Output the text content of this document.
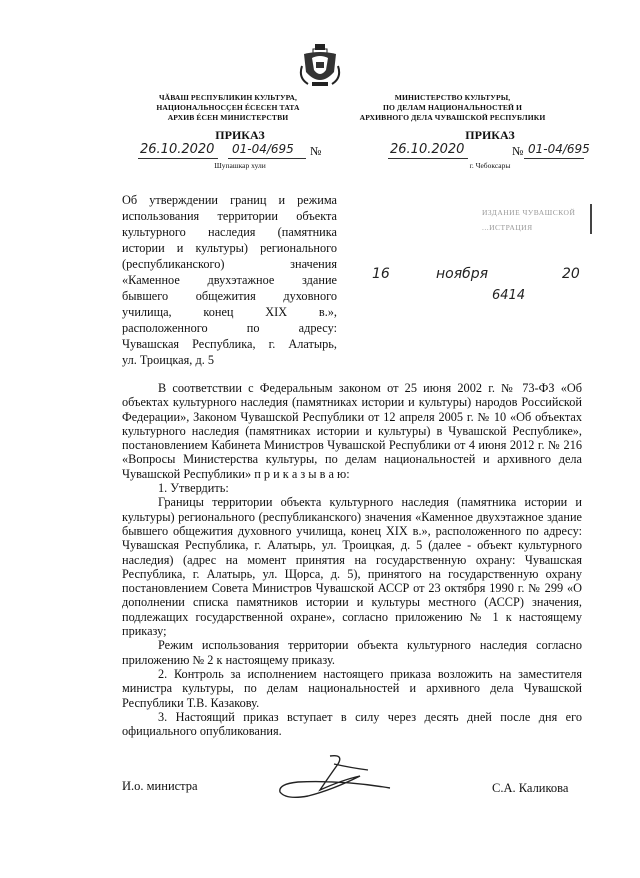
ЧĂВАШ РЕСПУБЛИКИН КУЛЬТУРА,
НАЦИОНАЛЬНОСÇЕН ÉСЕСЕН ТАТА
АРХИВ ÉСЕН МИНИСТЕРСТВИ
МИНИСТЕРСТВО КУЛЬТУРЫ,
ПО ДЕЛАМ НАЦИОНАЛЬНОСТЕЙ И
АРХИВНОГО ДЕЛА ЧУВАШСКОЙ РЕСПУБЛИКИ
ПРИКАЗ
26.10.2020 01-04/695 №
Шупашкар хули
ПРИКАЗ
26.10.2020	№ 01-04/695
г. Чебоксары
ИЗДАНИЕ ЧУВАШСКОЙ
...ИСТРАЦИЯ
16	ноября	20
6414
Об утверждении границ и режима
использования территории объекта
культурного наследия (памятника
истории и культуры) регионального
(республиканского) значения
«Каменное двухэтажное здание
бывшего общежития духовного
училища, конец XIX в.»,
расположенного по адресу:
Чувашская Республика, г. Алатырь,
ул. Троицкая, д. 5

В соответствии с Федеральным законом от 25 июня 2002 г. № 73-ФЗ «Об объектах культурного наследия (памятниках истории и культуры) народов Российской Федерации», Законом Чувашской Республики от 12 апреля 2005 г. № 10 «Об объектах культурного наследия (памятниках истории и культуры) в Чувашской Республике», постановлением Кабинета Министров Чувашской Республики от 4 июня 2012 г. № 216 «Вопросы Министерства культуры, по делам национальностей и архивного дела Чувашской Республики» п р и к а з ы в а ю:

1. Утвердить:

Границы территории объекта культурного наследия (памятника истории и культуры) регионального (республиканского) значения «Каменное двухэтажное здание бывшего общежития духовного училища, конец XIX в.», расположенного по адресу: Чувашская Республика, г. Алатырь, ул. Троицкая, д. 5 (далее - объект культурного наследия) (адрес на момент принятия на государственную охрану: Чувашская Республика, г. Алатырь, ул. Щорса, д. 5), принятого на государственную охрану постановлением Совета Министров Чувашской АССР от 23 октября 1990 г. № 299 «О дополнении списка памятников истории и культуры местного (АССР) значения, подлежащих государственной охране», согласно приложению № 1 к настоящему приказу;

Режим использования территории объекта культурного наследия согласно приложению № 2 к настоящему приказу.

2. Контроль за исполнением настоящего приказа возложить на заместителя министра культуры, по делам национальностей и архивного дела Чувашской Республики Т.В. Казакову.

3. Настоящий приказ вступает в силу через десять дней после дня его официального опубликования.

И.о. министра	С.А. Каликова
